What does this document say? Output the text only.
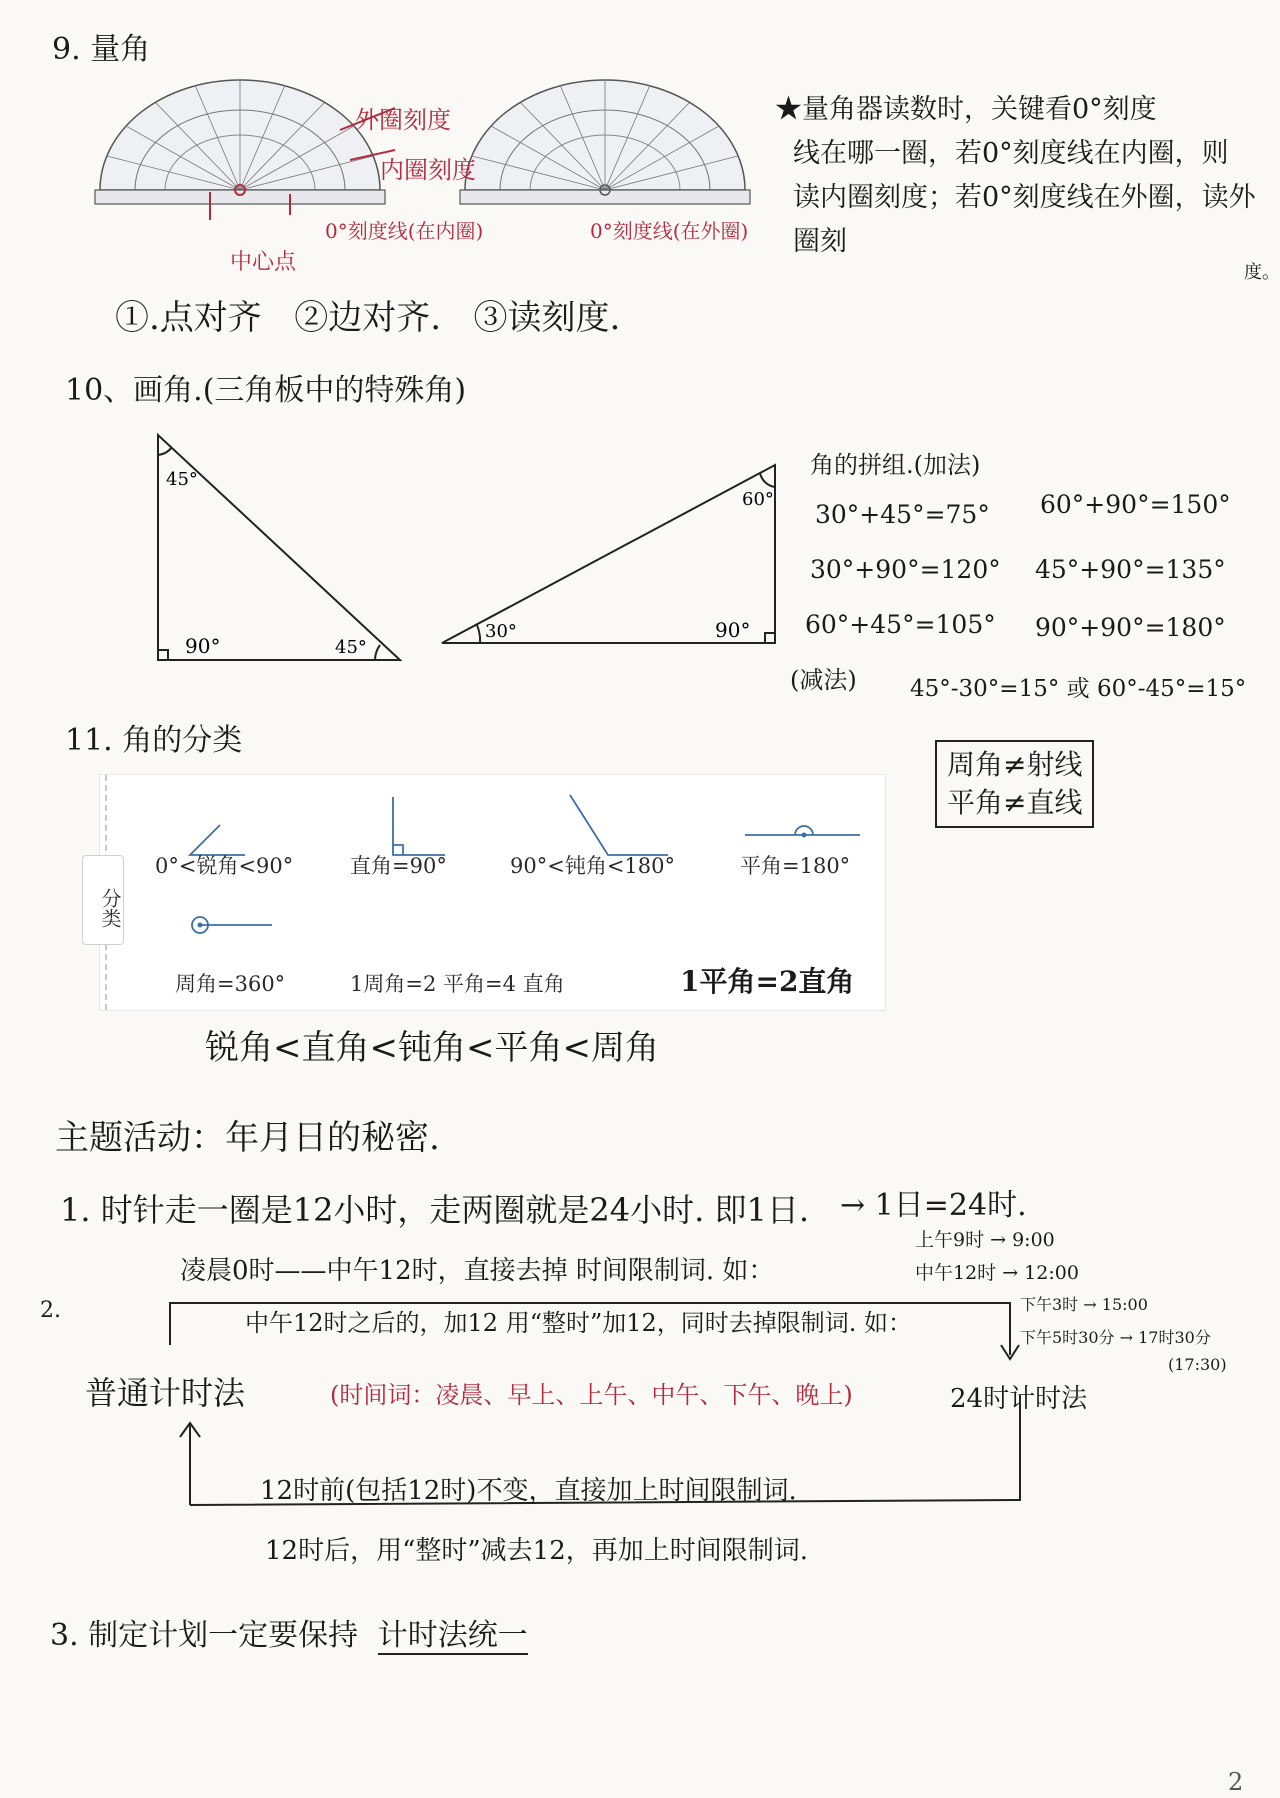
9. 量角
外圈刻度
内圈刻度
0°刻度线(在内圈)
中心点
0°刻度线(在外圈)
★量角器读数时，关键看0°刻度
线在哪一圈，若0°刻度线在内圈，则
读内圈刻度；若0°刻度线在外圈，读外圈刻
度。
①.点对齐   ②边对齐.   ③读刻度.
10、画角.(三角板中的特殊角)
45°
90°	45°
60°
30°	90°
角的拼组.(加法)
30°+45°=75° 60°+90°=150°
30°+90°=120° 45°+90°=135°
60°+45°=105° 90°+90°=180°
(减法) 45°-30°=15° 或 60°-45°=15°
11. 角的分类
分类
0°<锐角<90°	直角=90°	90°<钝角<180°	平角=180°
周角=360°	1周角=2 平角=4 直角	1平角=2直角
周角≠射线
平角≠直线
锐角<直角<钝角<平角<周角
主题活动：年月日的秘密.
1. 时针走一圈是12小时，走两圈就是24小时. 即1日. → 1日=24时.
2.
凌晨0时——中午12时，直接去掉 时间限制词. 如：
上午9时 → 9:00
中午12时 → 12:00
中午12时之后的，加12 用“整时”加12，同时去掉限制词. 如：
下午3时 → 15:00
下午5时30分 → 17时30分
(17:30)
普通计时法	(时间词：凌晨、早上、上午、中午、下午、晚上)	24时计时法
12时前(包括12时)不变，直接加上时间限制词.
12时后，用“整时”减去12，再加上时间限制词.
3. 制定计划一定要保持 计时法统一
2
